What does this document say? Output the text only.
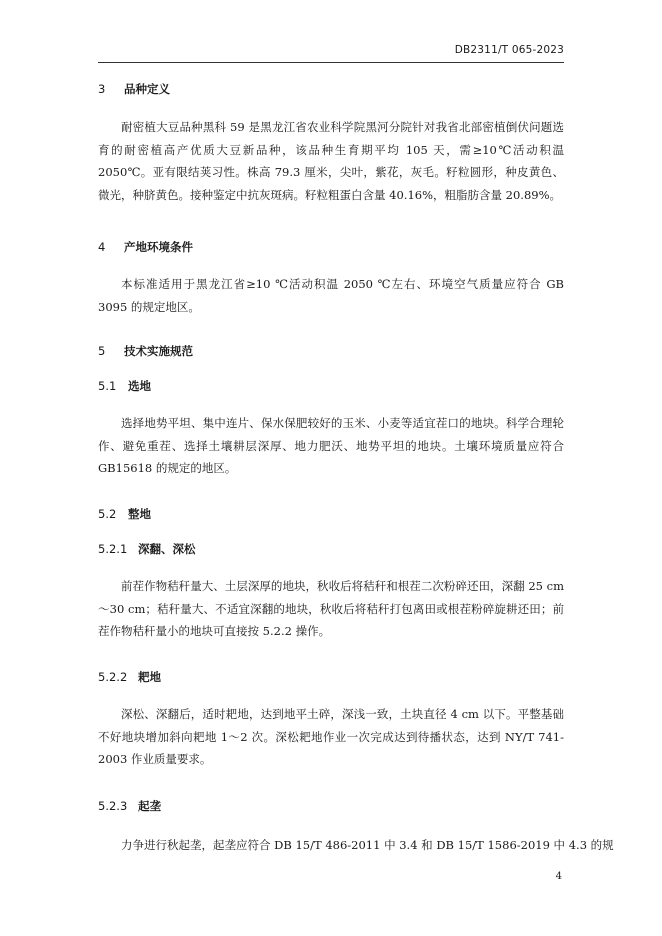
DB2311/T 065-2023
3 品种定义
耐密植大豆品种黑科 59 是黑龙江省农业科学院黑河分院针对我省北部密植倒伏问题选育的耐密植高产优质大豆新品种，该品种生育期平均 105 天，需≥10℃活动积温 2050℃。亚有限结荚习性。株高 79.3 厘米，尖叶，紫花，灰毛。籽粒圆形，种皮黄色、微光，种脐黄色。接种鉴定中抗灰斑病。籽粒粗蛋白含量 40.16%，粗脂肪含量 20.89%。
4 产地环境条件
本标准适用于黑龙江省≥10 ℃活动积温 2050 ℃左右、环境空气质量应符合 GB 3095 的规定地区。
5 技术实施规范
5.1 选地
选择地势平坦、集中连片、保水保肥较好的玉米、小麦等适宜茬口的地块。科学合理轮作、避免重茬、选择土壤耕层深厚、地力肥沃、地势平坦的地块。土壤环境质量应符合 GB15618 的规定的地区。
5.2 整地
5.2.1 深翻、深松
前茬作物秸秆量大、土层深厚的地块，秋收后将秸秆和根茬二次粉碎还田，深翻 25 cm～30 cm；秸秆量大、不适宜深翻的地块，秋收后将秸秆打包离田或根茬粉碎旋耕还田；前茬作物秸秆量小的地块可直接按 5.2.2 操作。
5.2.2 耙地
深松、深翻后，适时耙地，达到地平土碎，深浅一致，土块直径 4 cm 以下。平整基础不好地块增加斜向耙地 1～2 次。深松耙地作业一次完成达到待播状态，达到 NY/T 741-2003 作业质量要求。
5.2.3 起垄
力争进行秋起垄，起垄应符合 DB 15/T 486-2011 中 3.4 和 DB 15/T 1586-2019 中 4.3 的规
4
